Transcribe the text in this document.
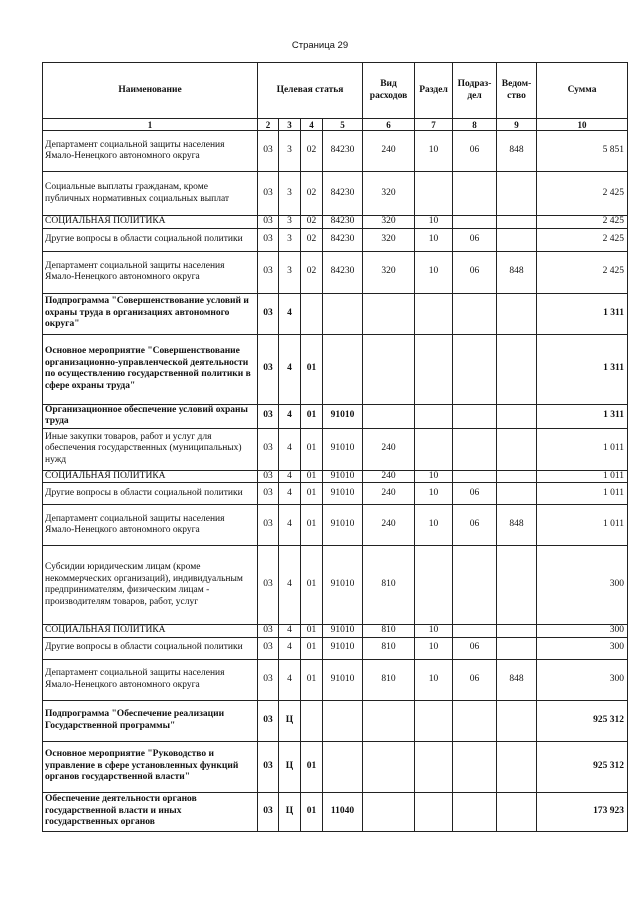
Страница 29
Наименование	Целевая статья				Вид расходов	Раздел	Подраз-дел	Ведом-ство	Сумма
1	2	3	4	5	6	7	8	9	10
Департамент социальной защиты населения Ямало-Ненецкого автономного округа	03	3	02	84230	240	10	06	848	5 851
Социальные выплаты гражданам, кроме публичных нормативных социальных выплат	03	3	02	84230	320				2 425
СОЦИАЛЬНАЯ ПОЛИТИКА	03	3	02	84230	320	10			2 425
Другие вопросы в области социальной политики	03	3	02	84230	320	10	06		2 425
Департамент социальной защиты населения Ямало-Ненецкого автономного округа	03	3	02	84230	320	10	06	848	2 425
Подпрограмма "Совершенствование условий и охраны труда в организациях автономного округа"	03	4							1 311
Основное мероприятие "Совершенствование организационно-управленческой деятельности по осуществлению государственной политики в сфере охраны труда"	03	4	01						1 311
Организационное обеспечение условий охраны труда	03	4	01	91010					1 311
Иные закупки товаров, работ и услуг для обеспечения государственных (муниципальных) нужд	03	4	01	91010	240				1 011
СОЦИАЛЬНАЯ ПОЛИТИКА	03	4	01	91010	240	10			1 011
Другие вопросы в области социальной политики	03	4	01	91010	240	10	06		1 011
Департамент социальной защиты населения Ямало-Ненецкого автономного округа	03	4	01	91010	240	10	06	848	1 011
Субсидии юридическим лицам (кроме некоммерческих организаций), индивидуальным предпринимателям, физическим лицам - производителям товаров, работ, услуг	03	4	01	91010	810				300
СОЦИАЛЬНАЯ ПОЛИТИКА	03	4	01	91010	810	10			300
Другие вопросы в области социальной политики	03	4	01	91010	810	10	06		300
Департамент социальной защиты населения Ямало-Ненецкого автономного округа	03	4	01	91010	810	10	06	848	300
Подпрограмма "Обеспечение реализации Государственной программы"	03	Ц							925 312
Основное мероприятие "Руководство и управление в сфере установленных функций органов государственной власти"	03	Ц	01						925 312
Обеспечение деятельности органов государственной власти и иных государственных органов	03	Ц	01	11040					173 923
